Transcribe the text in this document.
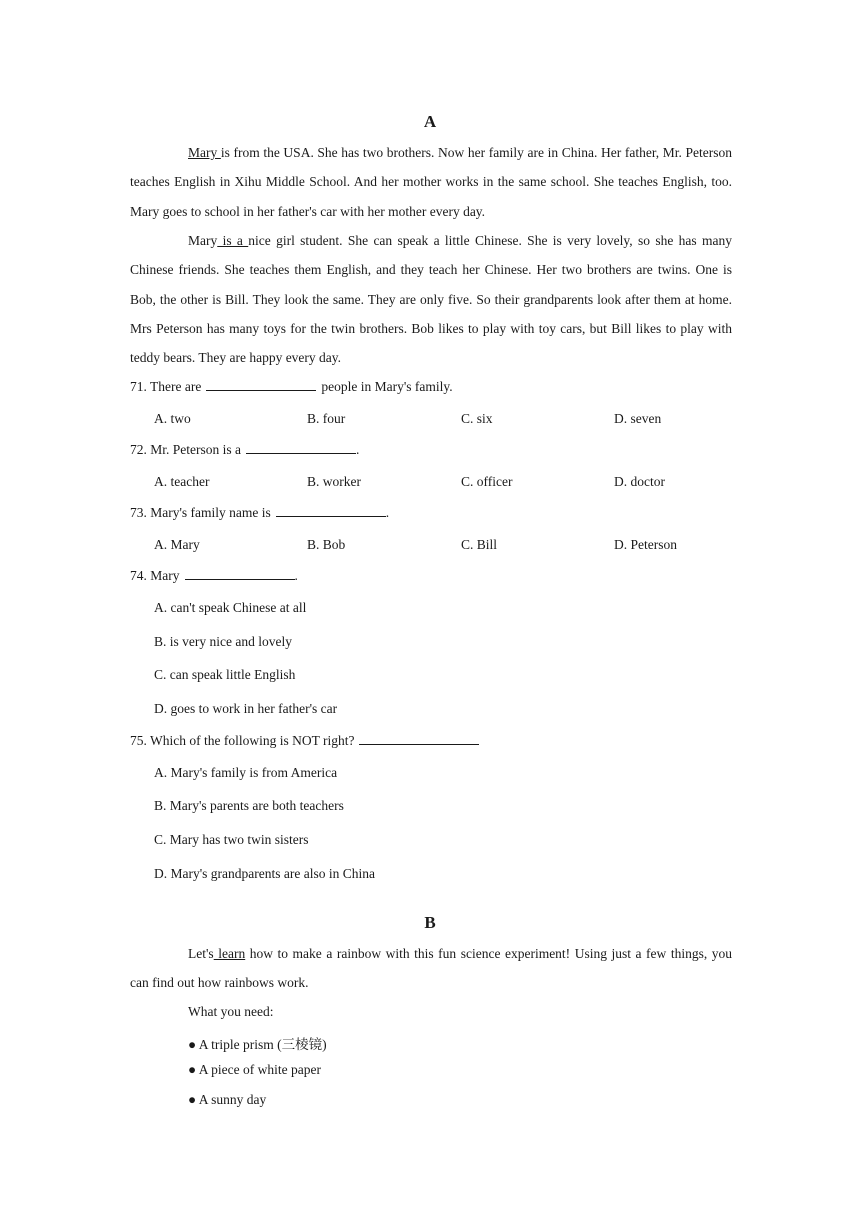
A

Mary is from the USA. She has two brothers. Now her family are in China. Her father, Mr. Peterson teaches English in Xihu Middle School. And her mother works in the same school. She teaches English, too. Mary goes to school in her father's car with her mother every day.

Mary is a nice girl student. She can speak a little Chinese. She is very lovely, so she has many Chinese friends. She teaches them English, and they teach her Chinese. Her two brothers are twins. One is Bob, the other is Bill. They look the same. They are only five. So their grandparents look after them at home. Mrs Peterson has many toys for the twin brothers. Bob likes to play with toy cars, but Bill likes to play with teddy bears. They are happy every day.

71. There are	people in Mary's family.

A. two	B. four	C. six	D. seven

72. Mr. Peterson is a	.

A. teacher	B. worker	C. officer	D. doctor

73. Mary's family name is	.

A. Mary	B. Bob	C. Bill	D. Peterson

74. Mary	.

A. can't speak Chinese at all

B. is very nice and lovely

C. can speak little English

D. goes to work in her father's car

75. Which of the following is NOT right?

A. Mary's family is from America

B. Mary's parents are both teachers

C. Mary has two twin sisters

D. Mary's grandparents are also in China

B

Let's learn how to make a rainbow with this fun science experiment! Using just a few things, you can find out how rainbows work.

What you need:

● A triple prism (三棱镜)

● A piece of white paper

● A sunny day
